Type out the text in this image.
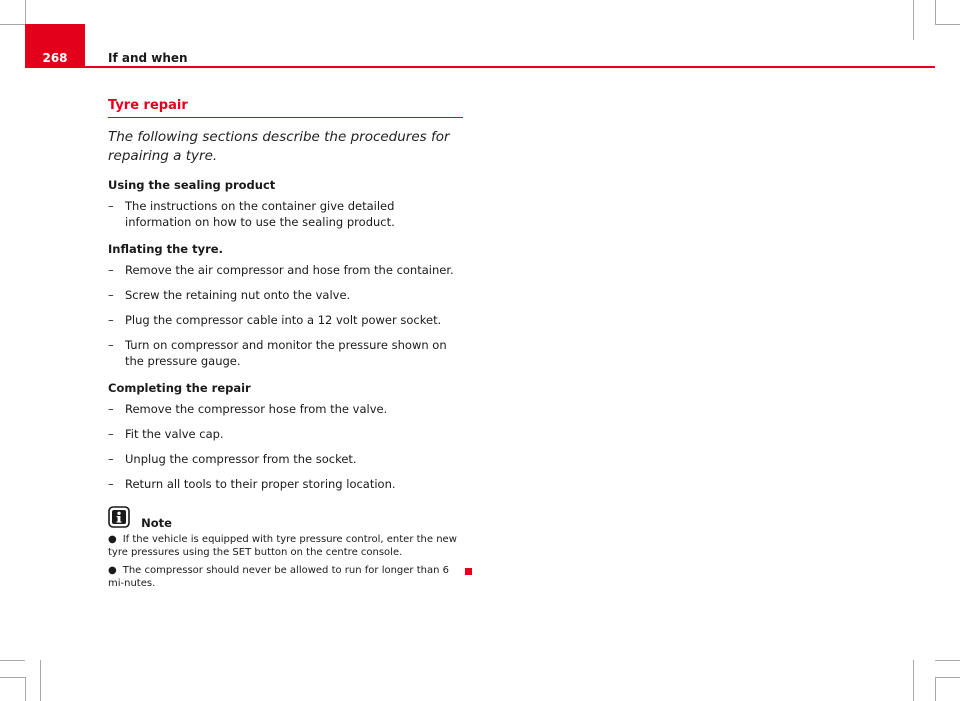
268	If and when
Tyre repair

The following sections describe the procedures for repairing a tyre.

Using the sealing product
– The instructions on the container give detailed information on how to use the sealing product.
Inflating the tyre.
– Remove the air compressor and hose from the container.
– Screw the retaining nut onto the valve.
– Plug the compressor cable into a 12 volt power socket.
– Turn on compressor and monitor the pressure shown on the pressure gauge.
Completing the repair
– Remove the compressor hose from the valve.
– Fit the valve cap.
– Unplug the compressor from the socket.
– Return all tools to their proper storing location.
Note
● If the vehicle is equipped with tyre pressure control, enter the new tyre pressures using the SET button on the centre console.
● The compressor should never be allowed to run for longer than 6 mi-nutes.
